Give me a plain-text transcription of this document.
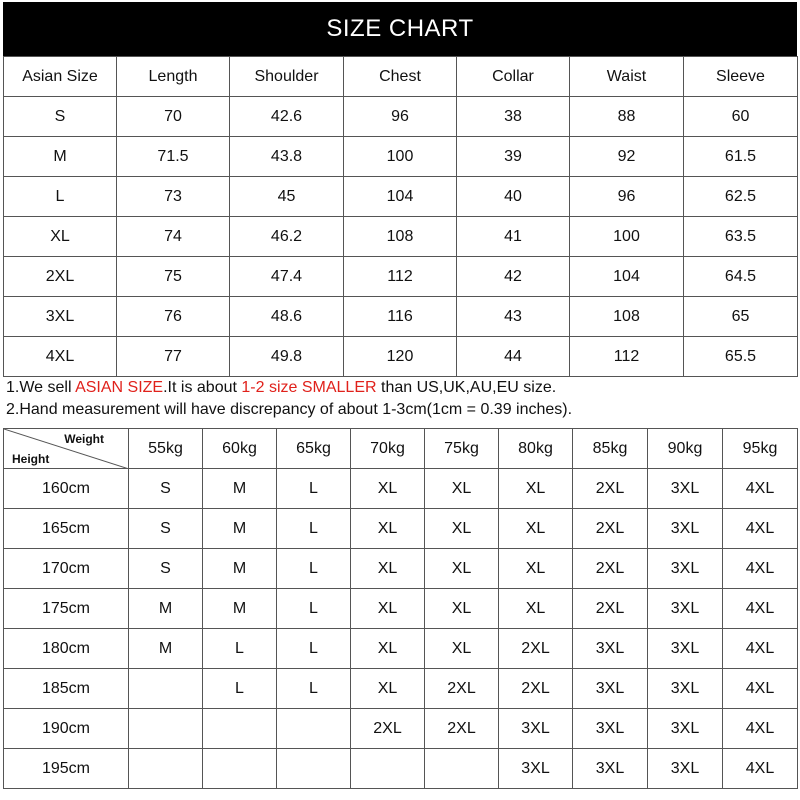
SIZE CHART
Asian Size	Length	Shoulder	Chest	Collar	Waist	Sleeve
S	70	42.6	96	38	88	60
M	71.5	43.8	100	39	92	61.5
L	73	45	104	40	96	62.5
XL	74	46.2	108	41	100	63.5
2XL	75	47.4	112	42	104	64.5
3XL	76	48.6	116	43	108	65
4XL	77	49.8	120	44	112	65.5
1.We sell ASIAN SIZE.It is about 1-2 size SMALLER than US,UK,AU,EU size.
2.Hand measurement will have discrepancy of about 1-3cm(1cm = 0.39 inches).
Weight
Height	55kg	60kg	65kg	70kg	75kg	80kg	85kg	90kg	95kg
160cm	S	M	L	XL	XL	XL	2XL	3XL	4XL
165cm	S	M	L	XL	XL	XL	2XL	3XL	4XL
170cm	S	M	L	XL	XL	XL	2XL	3XL	4XL
175cm	M	M	L	XL	XL	XL	2XL	3XL	4XL
180cm	M	L	L	XL	XL	2XL	3XL	3XL	4XL
185cm		L	L	XL	2XL	2XL	3XL	3XL	4XL
190cm				2XL	2XL	3XL	3XL	3XL	4XL
195cm						3XL	3XL	3XL	4XL
